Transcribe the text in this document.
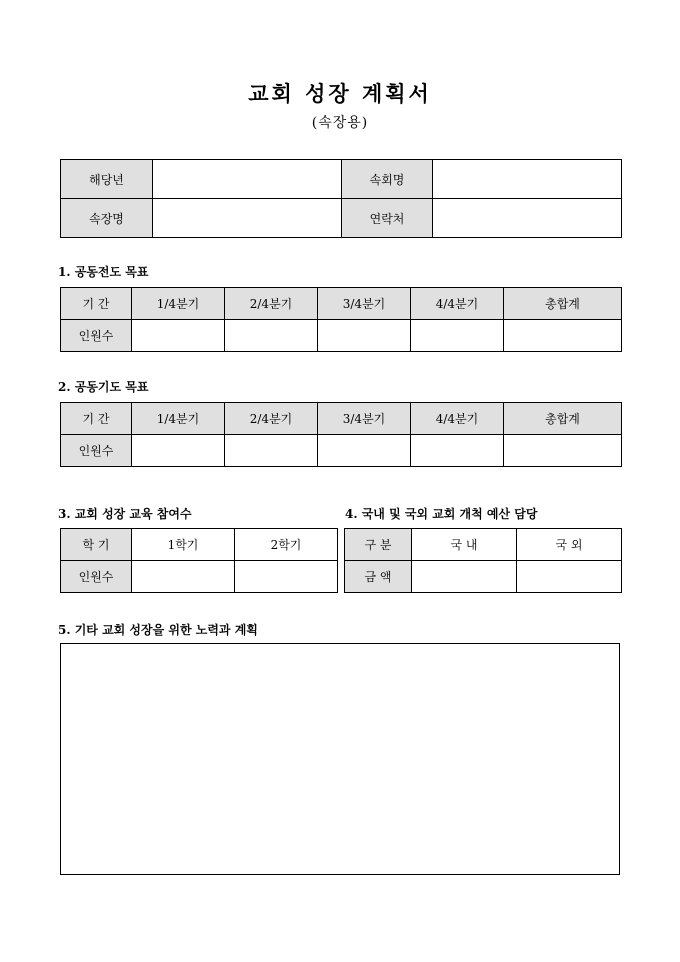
교회 성장 계획서
(속장용)
해당년		속회명	
속장명		연락처	
1. 공동전도 목표
기 간	1/4분기	2/4분기	3/4분기	4/4분기	총합계
인원수					
2. 공동기도 목표
기 간	1/4분기	2/4분기	3/4분기	4/4분기	총합계
인원수					
3. 교회 성장 교육 참여수
학 기	1학기	2학기
인원수		
4. 국내 및 국외 교회 개척 예산 담당
구 분	국 내	국 외
금 액		
5. 기타 교회 성장을 위한 노력과 계획
